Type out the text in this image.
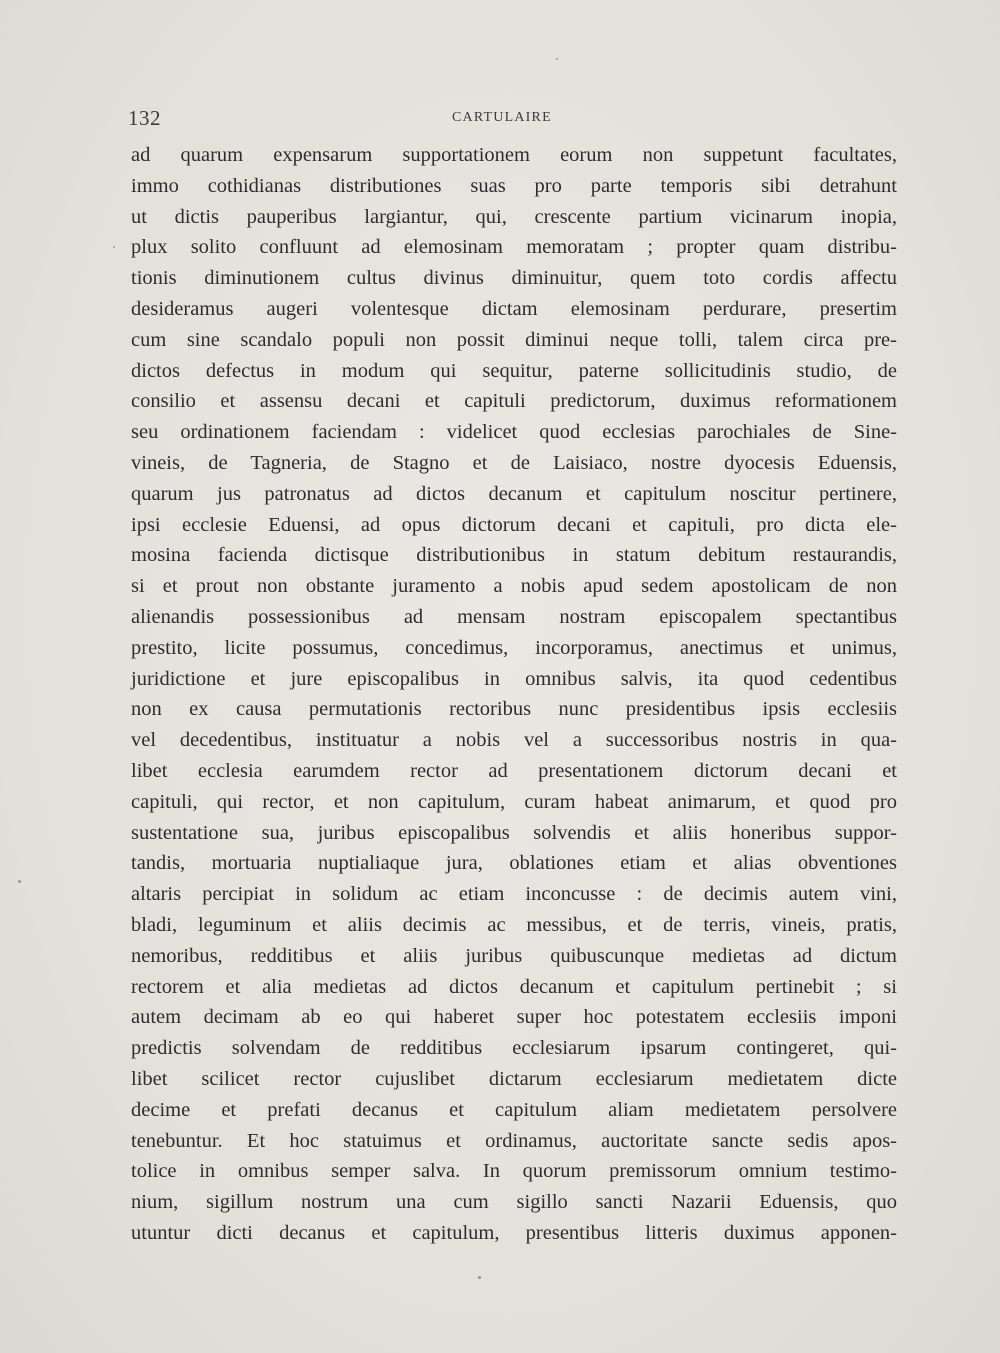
132	CARTULAIRE
ad quarum expensarum supportationem eorum non suppetunt facultates,
immo cothidianas distributiones suas pro parte temporis sibi detrahunt
ut dictis pauperibus largiantur, qui, crescente partium vicinarum inopia,
plux solito confluunt ad elemosinam memoratam ; propter quam distribu-
tionis diminutionem cultus divinus diminuitur, quem toto cordis affectu
desideramus augeri volentesque dictam elemosinam perdurare, presertim
cum sine scandalo populi non possit diminui neque tolli, talem circa pre-
dictos defectus in modum qui sequitur, paterne sollicitudinis studio, de
consilio et assensu decani et capituli predictorum, duximus reformationem
seu ordinationem faciendam : videlicet quod ecclesias parochiales de Sine-
vineis, de Tagneria, de Stagno et de Laisiaco, nostre dyocesis Eduensis,
quarum jus patronatus ad dictos decanum et capitulum noscitur pertinere,
ipsi ecclesie Eduensi, ad opus dictorum decani et capituli, pro dicta ele-
mosina facienda dictisque distributionibus in statum debitum restaurandis,
si et prout non obstante juramento a nobis apud sedem apostolicam de non
alienandis possessionibus ad mensam nostram episcopalem spectantibus
prestito, licite possumus, concedimus, incorporamus, anectimus et unimus,
juridictione et jure episcopalibus in omnibus salvis, ita quod cedentibus
non ex causa permutationis rectoribus nunc presidentibus ipsis ecclesiis
vel decedentibus, instituatur a nobis vel a successoribus nostris in qua-
libet ecclesia earumdem rector ad presentationem dictorum decani et
capituli, qui rector, et non capitulum, curam habeat animarum, et quod pro
sustentatione sua, juribus episcopalibus solvendis et aliis honeribus suppor-
tandis, mortuaria nuptialiaque jura, oblationes etiam et alias obventiones
altaris percipiat in solidum ac etiam inconcusse : de decimis autem vini,
bladi, leguminum et aliis decimis ac messibus, et de terris, vineis, pratis,
nemoribus, redditibus et aliis juribus quibuscunque medietas ad dictum
rectorem et alia medietas ad dictos decanum et capitulum pertinebit ; si
autem decimam ab eo qui haberet super hoc potestatem ecclesiis imponi
predictis solvendam de redditibus ecclesiarum ipsarum contingeret, qui-
libet scilicet rector cujuslibet dictarum ecclesiarum medietatem dicte
decime et prefati decanus et capitulum aliam medietatem persolvere
tenebuntur. Et hoc statuimus et ordinamus, auctoritate sancte sedis apos-
tolice in omnibus semper salva. In quorum premissorum omnium testimo-
nium, sigillum nostrum una cum sigillo sancti Nazarii Eduensis, quo
utuntur dicti decanus et capitulum, presentibus litteris duximus apponen-
